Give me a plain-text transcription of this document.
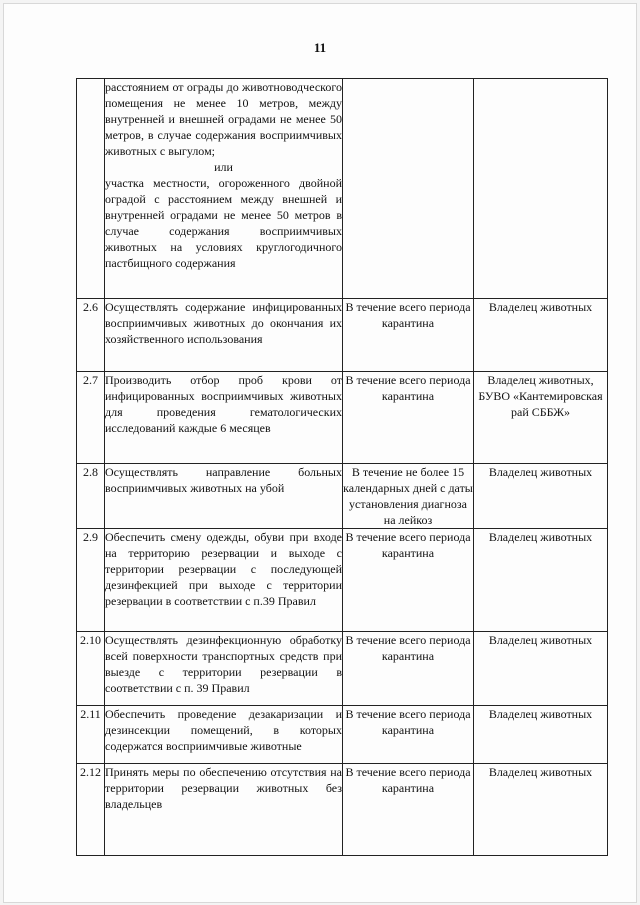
11

	расстоянием от ограды до животноводческого помещения не менее 10 метров, между внутренней и внешней оградами не менее 50 метров, в случае содержания восприимчивых животных с выгулом;
или
участка местности, огороженного двойной оградой с расстоянием между внешней и внутренней оградами не менее 50 метров в случае содержания восприимчивых животных на условиях круглогодичного пастбищного содержания		

2.6	Осуществлять содержание инфицированных восприимчивых животных до окончания их хозяйственного использования	В течение всего периода карантина	Владелец животных
2.7	Производить отбор проб крови от инфицированных восприимчивых животных для проведения гематологических исследований каждые 6 месяцев	В течение всего периода карантина	Владелец животных, БУВО «Кантемировская рай СББЖ»
2.8	Осуществлять направление больных восприимчивых животных на убой	В течение не более 15 календарных дней с даты установления диагноза на лейкоз	Владелец животных
2.9	Обеспечить смену одежды, обуви при входе на территорию резервации и выходе с территории резервации с последующей дезинфекцией при выходе с территории резервации в соответствии с п.39 Правил	В течение всего периода карантина	Владелец животных
2.10	Осуществлять дезинфекционную обработку всей поверхности транспортных средств при выезде с территории резервации в соответствии с п. 39 Правил	В течение всего периода карантина	Владелец животных
2.11	Обеспечить проведение дезакаризации и дезинсекции помещений, в которых содержатся восприимчивые животные	В течение всего периода карантина	Владелец животных
2.12	Принять меры по обеспечению отсутствия на территории резервации животных без владельцев	В течение всего периода карантина	Владелец животных
